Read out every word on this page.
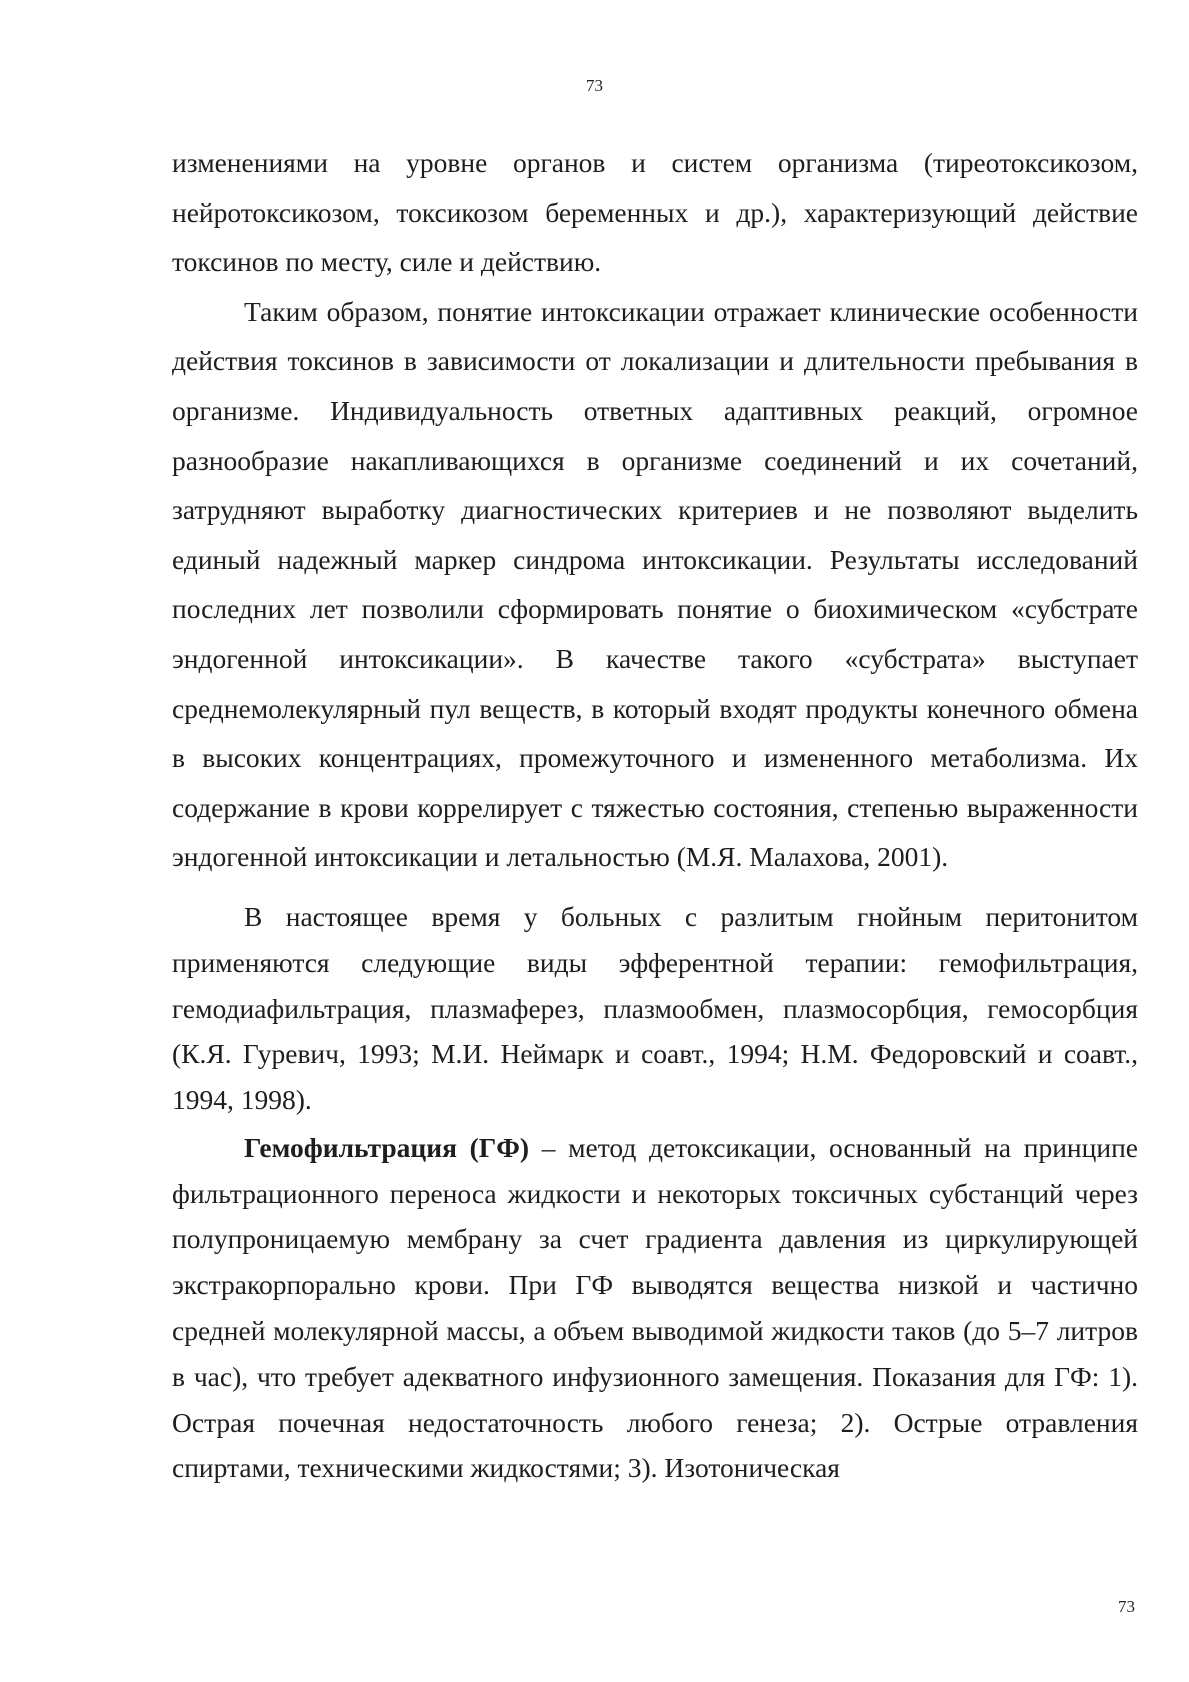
73

изменениями на уровне органов и систем организма (тиреотоксикозом, нейротоксикозом, токсикозом беременных и др.), характеризующий действие токсинов по месту, силе и действию.

Таким образом, понятие интоксикации отражает клинические особенности действия токсинов в зависимости от локализации и длительности пребывания в организме. Индивидуальность ответных адаптивных реакций, огромное разнообразие накапливающихся в организме соединений и их сочетаний, затрудняют выработку диагностических критериев и не позволяют выделить единый надежный маркер синдрома интоксикации. Результаты исследований последних лет позволили сформировать понятие о биохимическом «субстрате эндогенной интоксикации». В качестве такого «субстрата» выступает среднемолекулярный пул веществ, в который входят продукты конечного обмена в высоких концентрациях, промежуточного и измененного метаболизма. Их содержание в крови коррелирует с тяжестью состояния, степенью выраженности эндогенной интоксикации и летальностью (М.Я. Малахова, 2001).

В настоящее время у больных с разлитым гнойным перитонитом применяются следующие виды эфферентной терапии: гемофильтрация, гемодиафильтрация, плазмаферез, плазмообмен, плазмосорбция, гемосорбция (К.Я. Гуревич, 1993; М.И. Неймарк и соавт., 1994; Н.М. Федоровский и соавт., 1994, 1998).

Гемофильтрация (ГФ) – метод детоксикации, основанный на принципе фильтрационного переноса жидкости и некоторых токсичных субстанций через полупроницаемую мембрану за счет градиента давления из циркулирующей экстракорпорально крови. При ГФ выводятся вещества низкой и частично средней молекулярной массы, а объем выводимой жидкости таков (до 5–7 литров в час), что требует адекватного инфузионного замещения. Показания для ГФ: 1). Острая почечная недостаточность любого генеза; 2). Острые отравления спиртами, техническими жидкостями; 3). Изотоническая

73
